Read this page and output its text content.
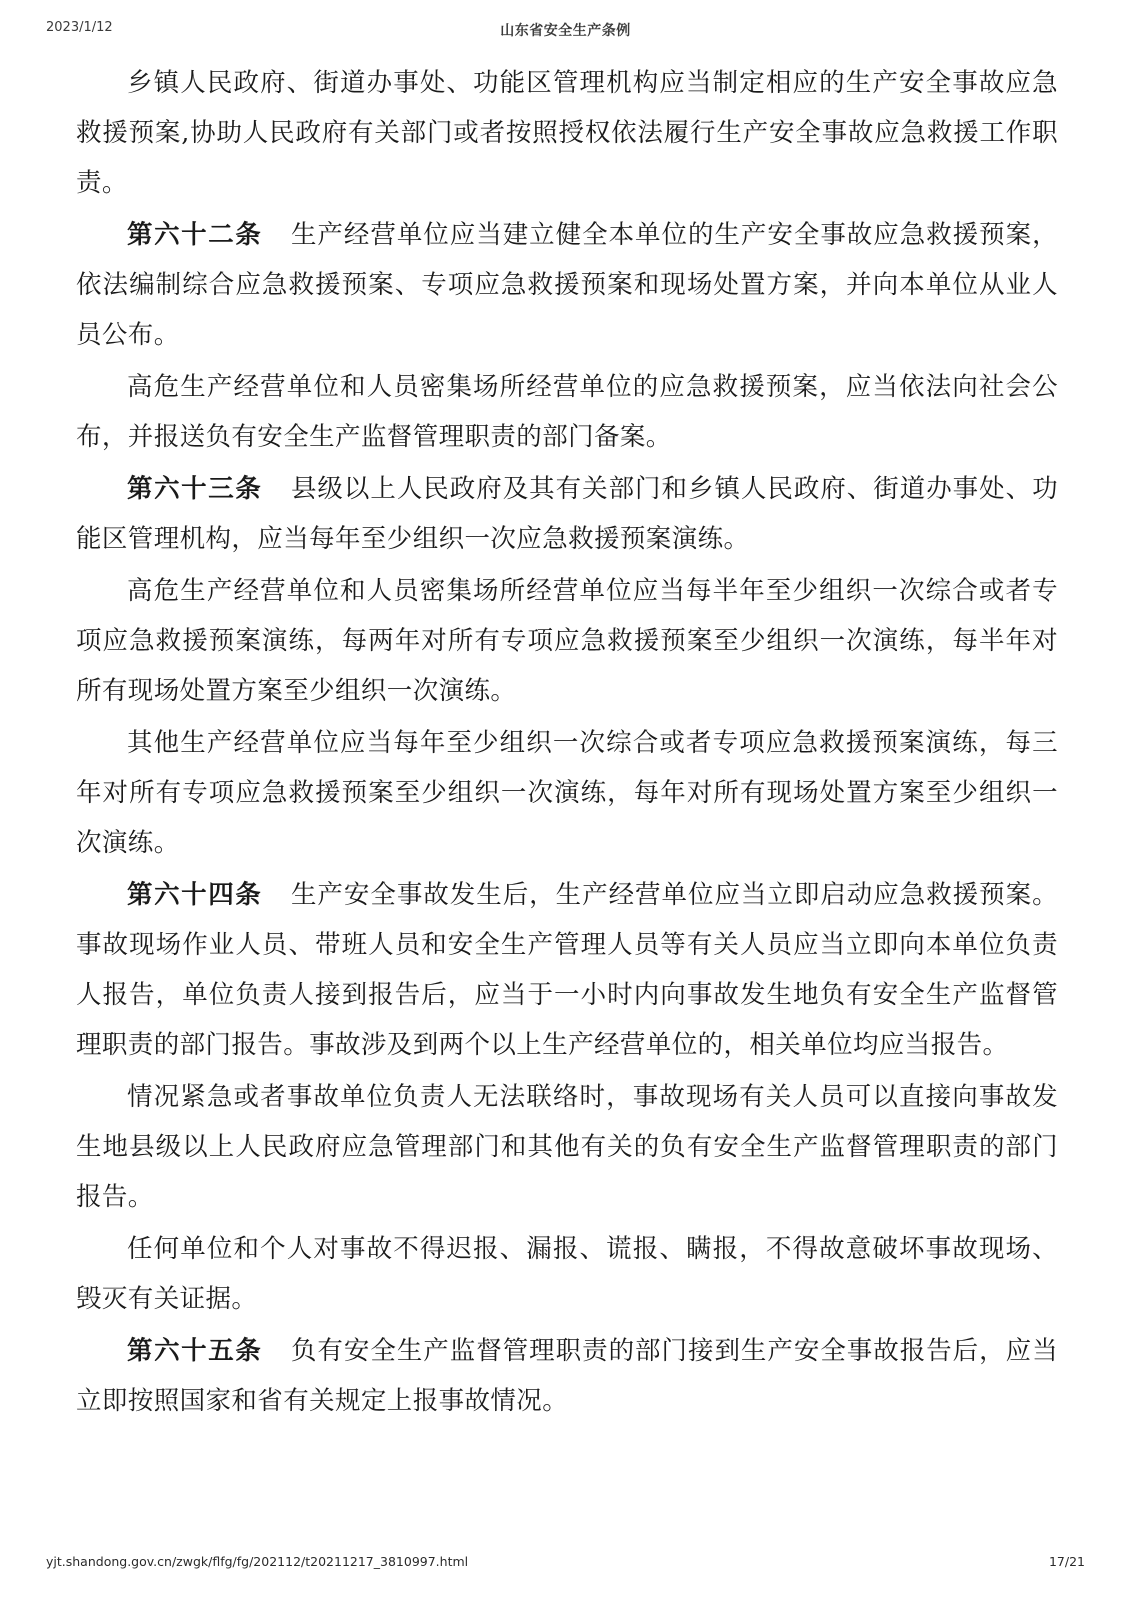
2023/1/12	山东省安全生产条例

乡镇人民政府、街道办事处、功能区管理机构应当制定相应的生产安全事故应急救援预案,协助人民政府有关部门或者按照授权依法履行生产安全事故应急救援工作职责。

第六十二条 生产经营单位应当建立健全本单位的生产安全事故应急救援预案，依法编制综合应急救援预案、专项应急救援预案和现场处置方案，并向本单位从业人员公布。

高危生产经营单位和人员密集场所经营单位的应急救援预案，应当依法向社会公布，并报送负有安全生产监督管理职责的部门备案。

第六十三条 县级以上人民政府及其有关部门和乡镇人民政府、街道办事处、功能区管理机构，应当每年至少组织一次应急救援预案演练。

高危生产经营单位和人员密集场所经营单位应当每半年至少组织一次综合或者专项应急救援预案演练，每两年对所有专项应急救援预案至少组织一次演练，每半年对所有现场处置方案至少组织一次演练。

其他生产经营单位应当每年至少组织一次综合或者专项应急救援预案演练，每三年对所有专项应急救援预案至少组织一次演练，每年对所有现场处置方案至少组织一次演练。

第六十四条 生产安全事故发生后，生产经营单位应当立即启动应急救援预案。事故现场作业人员、带班人员和安全生产管理人员等有关人员应当立即向本单位负责人报告，单位负责人接到报告后，应当于一小时内向事故发生地负有安全生产监督管理职责的部门报告。事故涉及到两个以上生产经营单位的，相关单位均应当报告。

情况紧急或者事故单位负责人无法联络时，事故现场有关人员可以直接向事故发生地县级以上人民政府应急管理部门和其他有关的负有安全生产监督管理职责的部门报告。

任何单位和个人对事故不得迟报、漏报、谎报、瞒报，不得故意破坏事故现场、毁灭有关证据。

第六十五条 负有安全生产监督管理职责的部门接到生产安全事故报告后，应当立即按照国家和省有关规定上报事故情况。

yjt.shandong.gov.cn/zwgk/flfg/fg/202112/t20211217_3810997.html	17/21
